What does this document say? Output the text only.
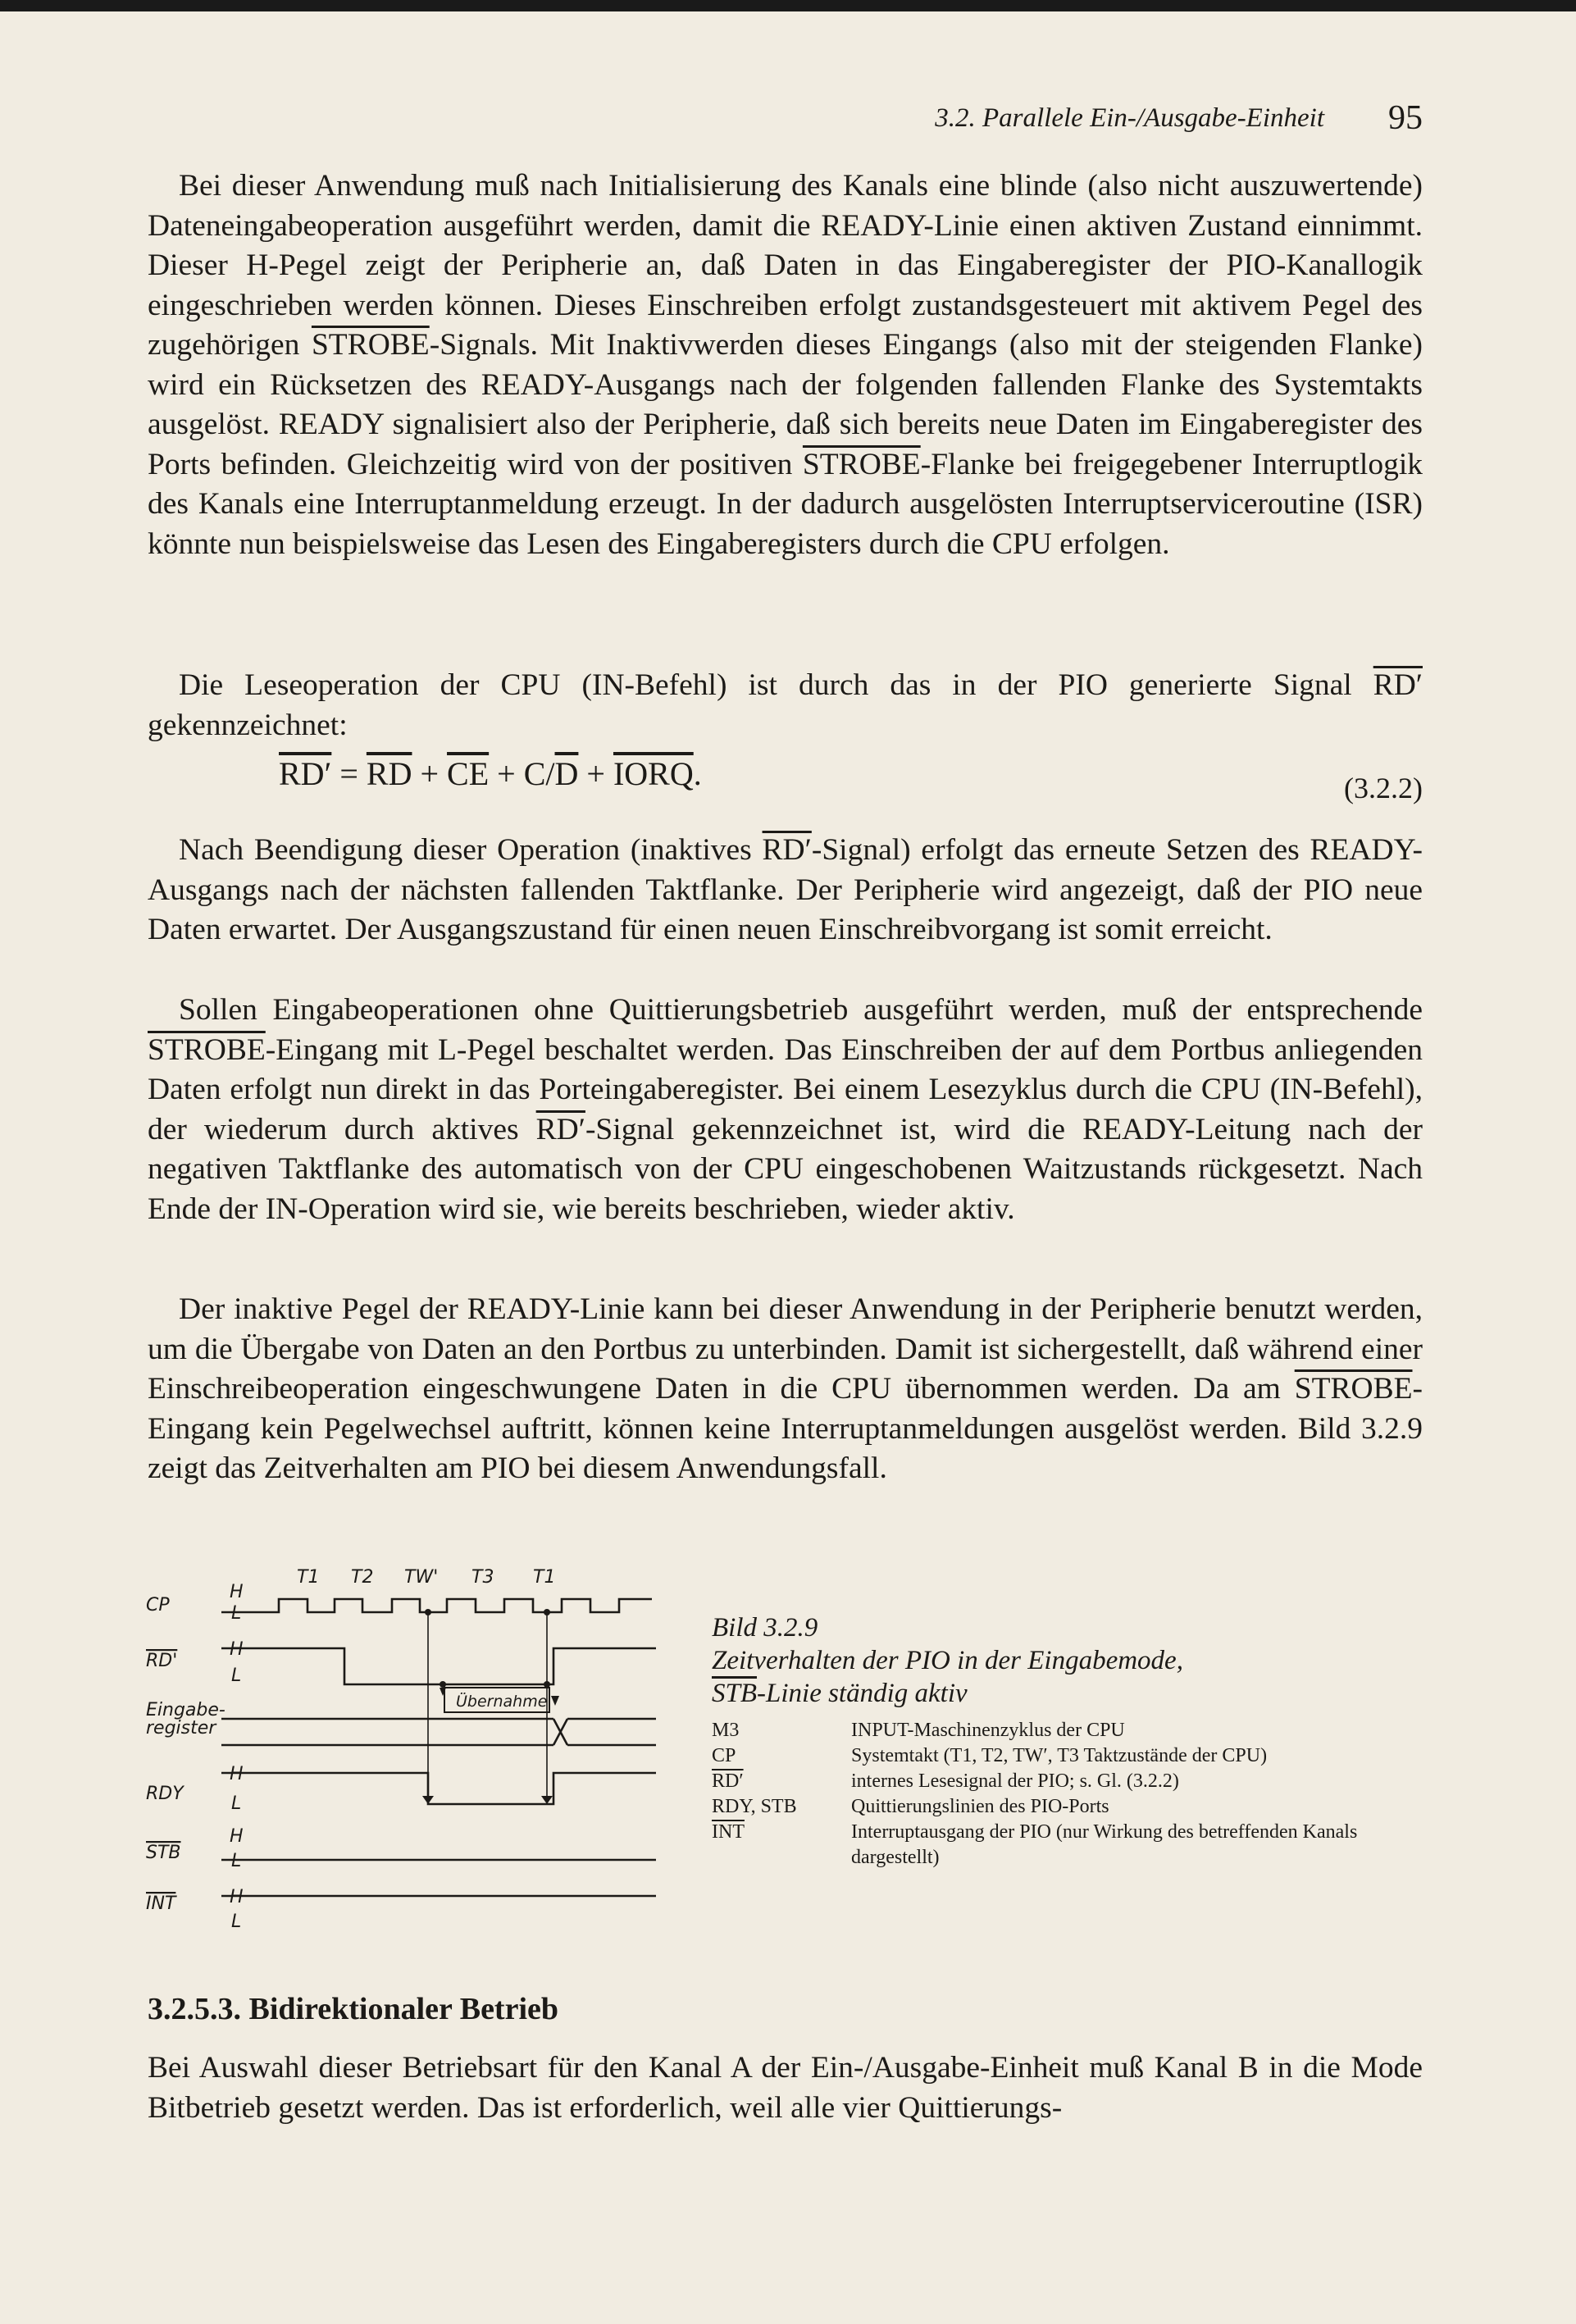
3.2. Parallele Ein-/Ausgabe-Einheit 95

Bei dieser Anwendung muß nach Initialisierung des Kanals eine blinde (also nicht auszuwertende) Dateneingabeoperation ausgeführt werden, damit die READY-Linie einen aktiven Zustand einnimmt. Dieser H-Pegel zeigt der Peripherie an, daß Daten in das Eingaberegister der PIO-Kanallogik eingeschrieben werden können. Dieses Einschreiben erfolgt zustandsgesteuert mit aktivem Pegel des zugehörigen STROBE-Signals. Mit Inaktivwerden dieses Eingangs (also mit der steigenden Flanke) wird ein Rücksetzen des READY-Ausgangs nach der folgenden fallenden Flanke des Systemtakts ausgelöst. READY signalisiert also der Peripherie, daß sich bereits neue Daten im Eingaberegister des Ports befinden. Gleichzeitig wird von der positiven STROBE-Flanke bei freigegebener Interruptlogik des Kanals eine Interruptanmeldung erzeugt. In der dadurch ausgelösten Interruptserviceroutine (ISR) könnte nun beispielsweise das Lesen des Eingaberegisters durch die CPU erfolgen.

Die Leseoperation der CPU (IN-Befehl) ist durch das in der PIO generierte Signal RD′ gekennzeichnet:

$RD' = \overline{RD} + \overline{CE} + C/\overline{D}$ + IORQ.	(3.2.2)

Nach Beendigung dieser Operation (inaktives RD′-Signal) erfolgt das erneute Setzen des READY-Ausgangs nach der nächsten fallenden Taktflanke. Der Peripherie wird angezeigt, daß der PIO neue Daten erwartet. Der Ausgangszustand für einen neuen Einschreibvorgang ist somit erreicht.

Sollen Eingabeoperationen ohne Quittierungsbetrieb ausgeführt werden, muß der entsprechende STROBE-Eingang mit L-Pegel beschaltet werden. Das Einschreiben der auf dem Portbus anliegenden Daten erfolgt nun direkt in das Porteingaberegister. Bei einem Lesezyklus durch die CPU (IN-Befehl), der wiederum durch aktives RD′-Signal gekennzeichnet ist, wird die READY-Leitung nach der negativen Taktflanke des automatisch von der CPU eingeschobenen Waitzustands rückgesetzt. Nach Ende der IN-Operation wird sie, wie bereits beschrieben, wieder aktiv.

Der inaktive Pegel der READY-Linie kann bei dieser Anwendung in der Peripherie benutzt werden, um die Übergabe von Daten an den Portbus zu unterbinden. Damit ist sichergestellt, daß während einer Einschreibeoperation eingeschwungene Daten in die CPU übernommen werden. Da am STROBE-Eingang kein Pegelwechsel auftritt, können keine Interruptanmeldungen ausgelöst werden. Bild 3.2.9 zeigt das Zeitverhalten am PIO bei diesem Anwendungsfall.

T1 T2 TW' T3 T1
CP
RD'
Eingabe-
register
RDY
STB
INT
H
L
H
L
H
L
H
L
H
L
Übernahme
Bild 3.2.9
Zeitverhalten der PIO in der Eingabemode,
$\overline{STB}$-Linie ständig aktiv
M3	INPUT-Maschinenzyklus der CPU
CP	Systemtakt (T1, T2, TW′, T3 Taktzustände der CPU)
RD′	internes Lesesignal der PIO; s. Gl. (3.2.2)
RDY, STB	Quittierungslinien des PIO-Ports
$\overline{INT}$	Interruptausgang der PIO (nur Wirkung des betreffenden Kanals dargestellt)
3.2.5.3. Bidirektionaler Betrieb

Bei Auswahl dieser Betriebsart für den Kanal A der Ein-/Ausgabe-Einheit muß Kanal B in die Mode Bitbetrieb gesetzt werden. Das ist erforderlich, weil alle vier Quittierungs-
